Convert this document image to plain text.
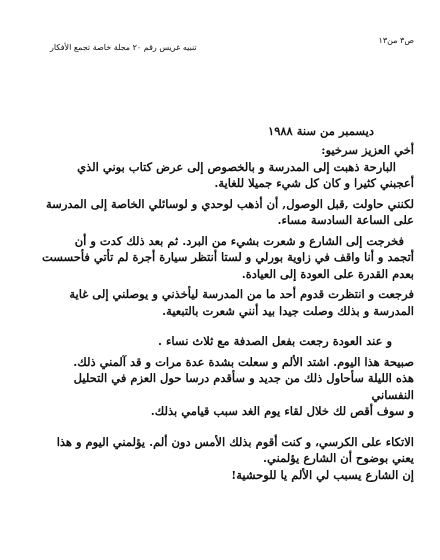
ص٣ من١٣
تنبيه غريس رقم ٢٠ مجلة خاصة تجمع الأفكار
ديسمبر من سنة ١٩٨٨

أخي العزيز سرخيو:

البارحة ذهبت إلى المدرسة و بالخصوص إلى عرض كتاب بوني الذي

أعجبني كثيرا و كان كل شيء جميلا للغاية.

لكنني حاولت ,قبل الوصول, أن أذهب لوحدي و لوسائلي الخاصة إلى المدرسة

على الساعة السادسة مساء.

فخرجت إلى الشارع و شعرت بشيء من البرد. ثم بعد ذلك كدت و أن

أتجمد و أنا واقف في زاوية بورلي و لستا أنتظر سيارة أجرة لم تأتي فأحسست

بعدم القدرة على العودة إلى العيادة.

فرجعت و انتظرت قدوم أحد ما من المدرسة ليأخذني و يوصلني إلى غاية

المدرسة و بذلك وصلت جيدا بيد أنني شعرت بالتبعية.

و عند العودة رجعت بفعل الصدفة مع ثلاث نساء .

صبيحة هذا اليوم. اشتد الألم و سعلت بشدة عدة مرات و قد آلمني ذلك.

هذه الليلة سأحاول ذلك من جديد و سأقدم درسا حول العزم في التحليل النفساني

و سوف أقص لك خلال لقاء يوم الغد سبب قيامي بذلك.

الاتكاء على الكرسي، و كنت أقوم بذلك الأمس دون ألم. يؤلمني اليوم و هذا

يعني بوضوح أن الشارع يؤلمني.

إن الشارع يسبب لي الألم يا للوحشية!
